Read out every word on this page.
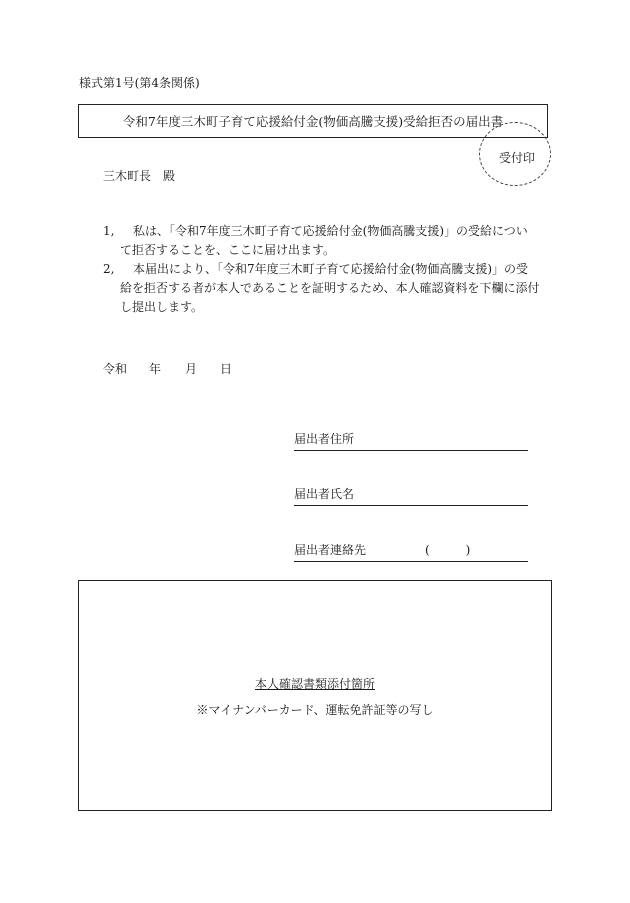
様式第1号(第4条関係)
令和7年度三木町子育て応援給付金(物価高騰支援)受給拒否の届出書
受付印
三木町長　殿
1, 私は、「令和7年度三木町子育て応援給付金(物価高騰支援)」の受給につい
て拒否することを、ここに届け出ます。
2, 本届出により、「令和7年度三木町子育て応援給付金(物価高騰支援)」の受
給を拒否する者が本人であることを証明するため、本人確認資料を下欄に添付
し提出します。
令和 年 月 日
届出者住所
届出者氏名
届出者連絡先	(　　　)
本人確認書類添付箇所
※マイナンバーカード、運転免許証等の写し
